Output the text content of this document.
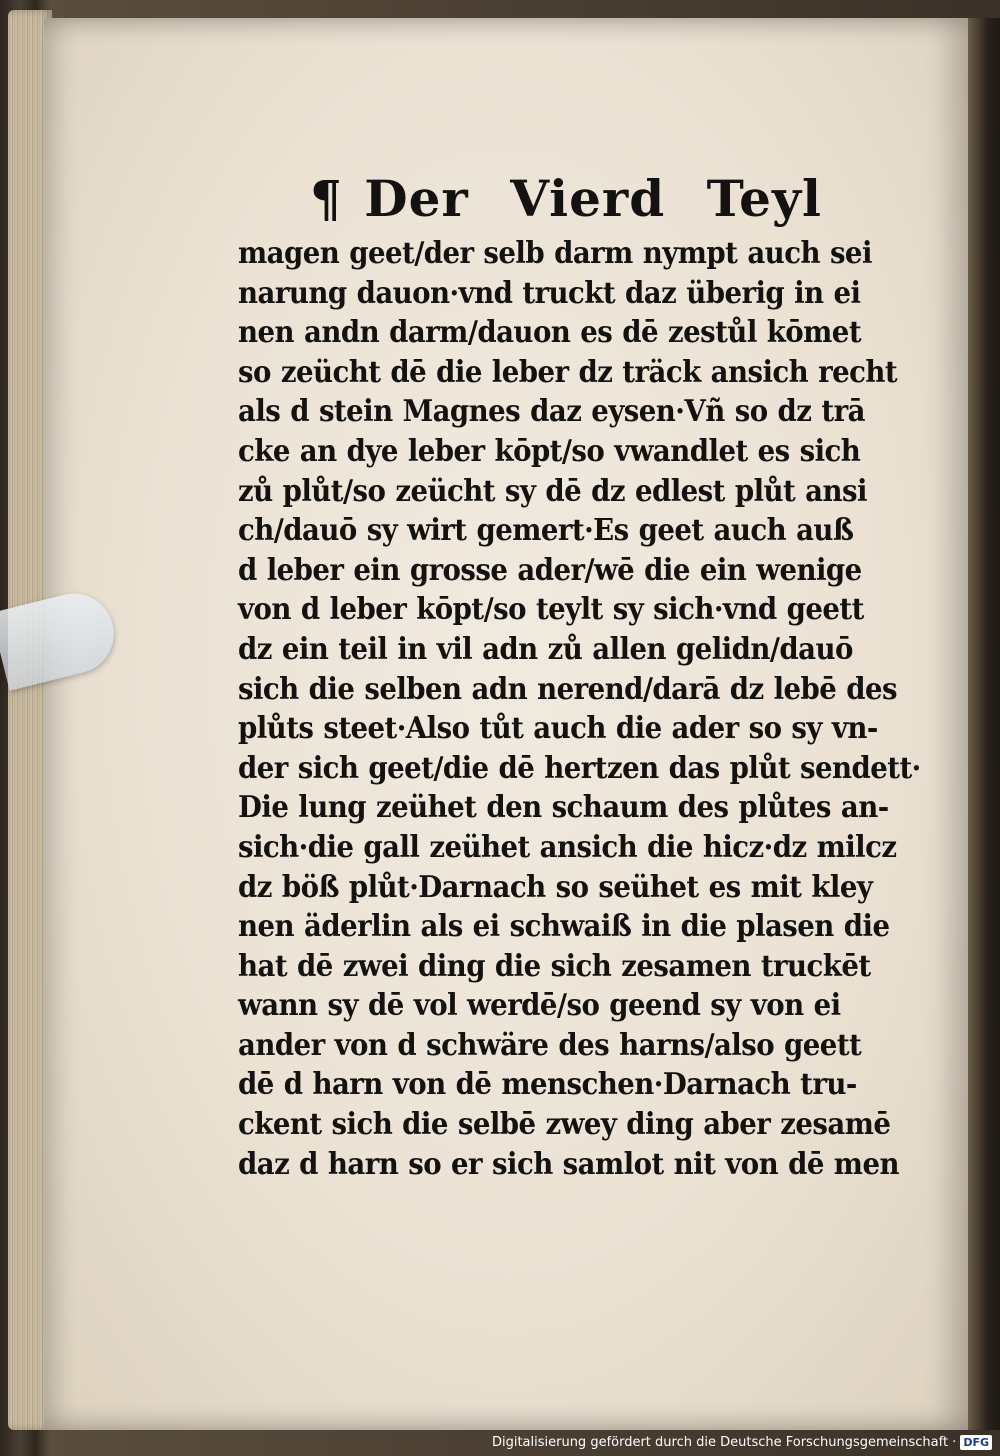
¶ Der Vierd Teyl
magen geet/der selb darm nympt auch sei
narung dauon·vnd truckt daz überig in ei
nen andn darm/dauon es dē zestůl kōmet
so zeücht dē die leber dz träck ansich recht
als d stein Magnes daz eysen·Vñ so dz trā
cke an dye leber kōpt/so vwandlet es sich
zů plůt/so zeücht sy dē dz edlest plůt ansi
ch/dauō sy wirt gemert·Es geet auch auß
d leber ein grosse ader/wē die ein wenige
von d leber kōpt/so teylt sy sich·vnd geett
dz ein teil in vil adn zů allen gelidn/dauō
sich die selben adn nerend/darā dz lebē des
plůts steet·Also tůt auch die ader so sy vn-
der sich geet/die dē hertzen das plůt sendett·
Die lung zeühet den schaum des plůtes an-
sich·die gall zeühet ansich die hicz·dz milcz
dz böß plůt·Darnach so seühet es mit kley
nen äderlin als ei schwaiß in die plasen die
hat dē zwei ding die sich zesamen truckēt
wann sy dē vol werdē/so geend sy von ei
ander von d schwäre des harns/also geett
dē d harn von dē menschen·Darnach tru-
ckent sich die selbē zwey ding aber zesamē
daz d harn so er sich samlot nit von dē men
Digitalisierung gefördert durch die Deutsche Forschungsgemeinschaft · DFG
